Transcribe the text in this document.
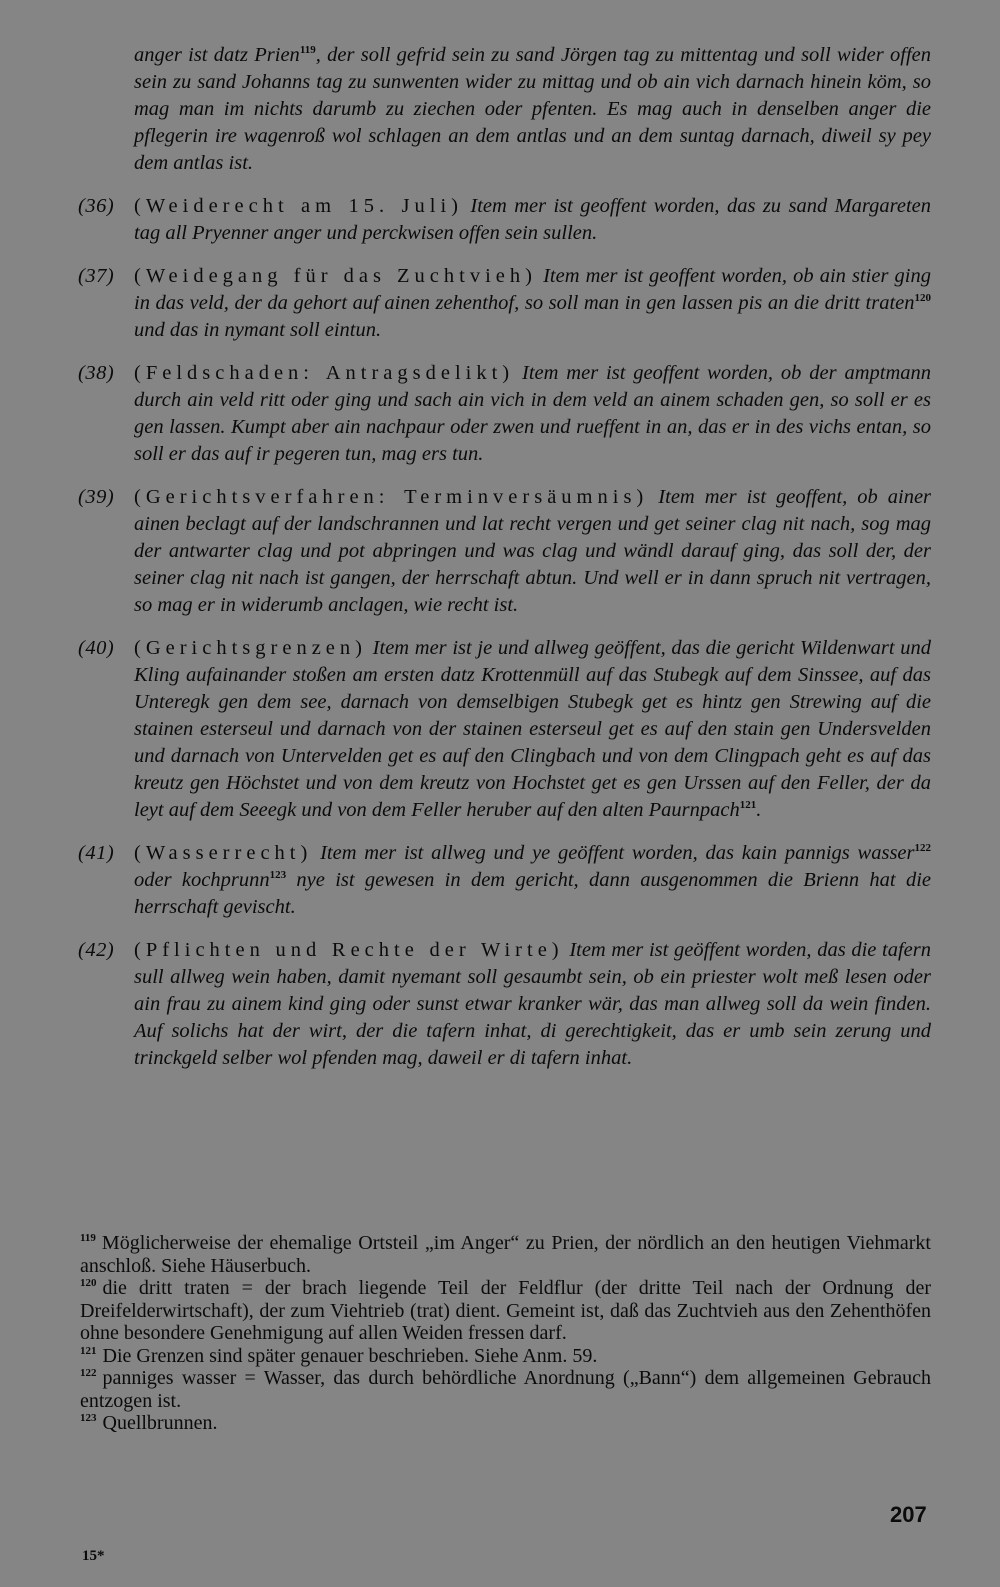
anger ist datz Prien$^{119}$, der soll gefrid sein zu sand Jörgen tag zu mittentag und soll wider offen sein zu sand Johanns tag zu sunwenten wider zu mittag und ob ain vich darnach hinein köm, so mag man im nichts darumb zu ziechen oder pfenten. Es mag auch in denselben anger die pflegerin ire wagenroß wol schlagen an dem antlas und an dem suntag darnach, diweil sy pey dem antlas ist.
(36) (Weiderecht am 15. Juli) Item mer ist geoffent worden, das zu sand Margareten tag all Pryenner anger und perckwisen offen sein sullen.
(37) (Weidegang für das Zuchtvieh) Item mer ist geoffent worden, ob ain stier ging in das veld, der da gehort auf ainen zehenthof, so soll man in gen lassen pis an die dritt traten$^{120}$ und das in nymant soll eintun.
(38) (Feldschaden: Antragsdelikt) Item mer ist geoffent worden, ob der amptmann durch ain veld ritt oder ging und sach ain vich in dem veld an ainem schaden gen, so soll er es gen lassen. Kumpt aber ain nachpaur oder zwen und rueffent in an, das er in des vichs entan, so soll er das auf ir pegeren tun, mag ers tun.
(39) (Gerichtsverfahren: Terminversäumnis) Item mer ist geoffent, ob ainer ainen beclagt auf der landschrannen und lat recht vergen und get seiner clag nit nach, sog mag der antwarter clag und pot abpringen und was clag und wändl darauf ging, das soll der, der seiner clag nit nach ist gangen, der herrschaft abtun. Und well er in dann spruch nit vertragen, so mag er in widerumb anclagen, wie recht ist.
(40) (Gerichtsgrenzen) Item mer ist je und allweg geöffent, das die gericht Wildenwart und Kling aufainander stoßen am ersten datz Krottenmüll auf das Stubegk auf dem Sinssee, auf das Unteregk gen dem see, darnach von demselbigen Stubegk get es hintz gen Strewing auf die stainen esterseul und darnach von der stainen esterseul get es auf den stain gen Undersvelden und darnach von Untervelden get es auf den Clingbach und von dem Clingpach geht es auf das kreutz gen Höchstet und von dem kreutz von Hochstet get es gen Urssen auf den Feller, der da leyt auf dem Seeegk und von dem Feller heruber auf den alten Paurnpach$^{121}$.
(41) (Wasserrecht) Item mer ist allweg und ye geöffent worden, das kain pannigs wasser$^{122}$ oder kochprunn$^{123}$ nye ist gewesen in dem gericht, dann ausgenommen die Brienn hat die herrschaft gevischt.
(42) (Pflichten und Rechte der Wirte) Item mer ist geöffent worden, das die tafern sull allweg wein haben, damit nyemant soll gesaumbt sein, ob ein priester wolt meß lesen oder ain frau zu ainem kind ging oder sunst etwar kranker wär, das man allweg soll da wein finden. Auf solichs hat der wirt, der die tafern inhat, di gerechtigkeit, das er umb sein zerung und trinckgeld selber wol pfenden mag, daweil er di tafern inhat.

$^{119}$ Möglicherweise der ehemalige Ortsteil „im Anger“ zu Prien, der nördlich an den heutigen Viehmarkt anschloß. Siehe Häuserbuch.

$^{120}$ die dritt traten = der brach liegende Teil der Feldflur (der dritte Teil nach der Ordnung der Dreifelderwirtschaft), der zum Viehtrieb (trat) dient. Gemeint ist, daß das Zuchtvieh aus den Zehenthöfen ohne besondere Genehmigung auf allen Weiden fressen darf.

$^{121}$ Die Grenzen sind später genauer beschrieben. Siehe Anm. 59.

$^{122}$ panniges wasser = Wasser, das durch behördliche Anordnung („Bann“) dem allgemeinen Gebrauch entzogen ist.

$^{123}$ Quellbrunnen.

207
15*
